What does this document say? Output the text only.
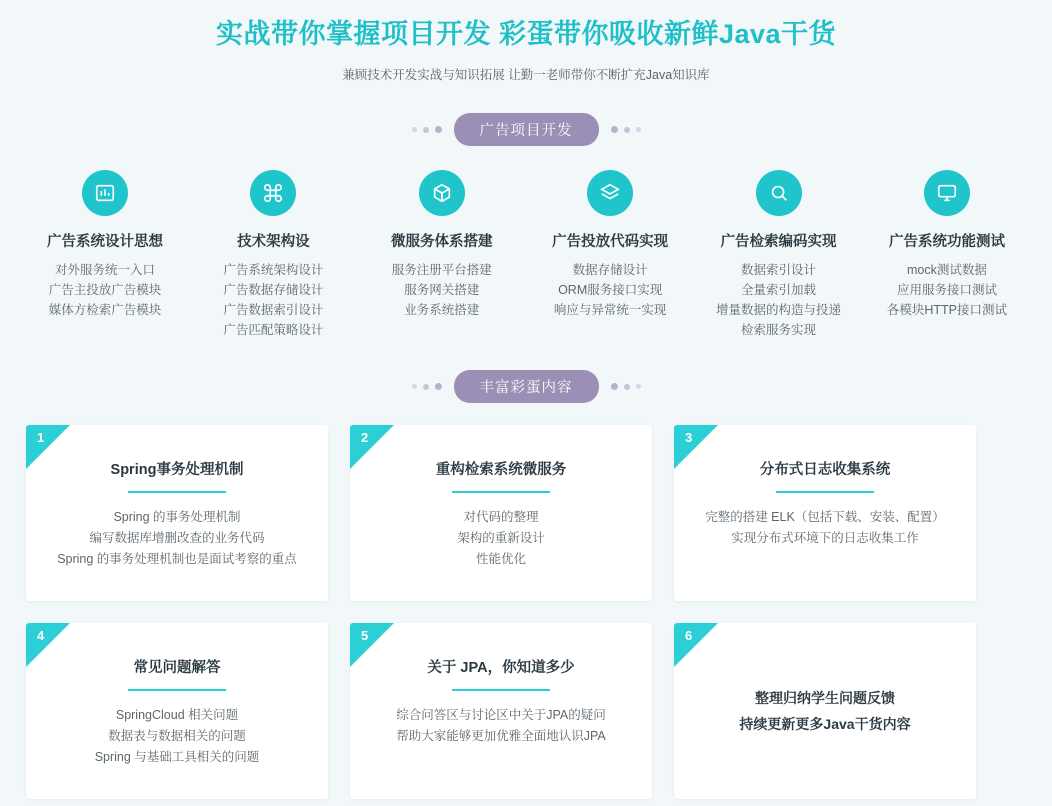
实战带你掌握项目开发 彩蛋带你吸收新鲜Java干货
兼顾技术开发实战与知识拓展 让勤一老师带你不断扩充Java知识库
广告项目开发
广告系统设计思想
对外服务统一入口
广告主投放广告模块
媒体方检索广告模块
技术架构设
广告系统架构设计
广告数据存储设计
广告数据索引设计
广告匹配策略设计
微服务体系搭建
服务注册平台搭建
服务网关搭建
业务系统搭建
广告投放代码实现
数据存储设计
ORM服务接口实现
响应与异常统一实现
广告检索编码实现
数据索引设计
全量索引加载
增量数据的构造与投递
检索服务实现
广告系统功能测试
mock测试数据
应用服务接口测试
各模块HTTP接口测试
丰富彩蛋内容
1
Spring事务处理机制
Spring 的事务处理机制
编写数据库增删改查的业务代码
Spring 的事务处理机制也是面试考察的重点
2
重构检索系统微服务
对代码的整理
架构的重新设计
性能优化
3
分布式日志收集系统
完整的搭建 ELK（包括下载、安装、配置）
实现分布式环境下的日志收集工作
4
常见问题解答
SpringCloud 相关问题
数据表与数据相关的问题
Spring 与基础工具相关的问题
5
关于 JPA，你知道多少
综合问答区与讨论区中关于JPA的疑问
帮助大家能够更加优雅全面地认识JPA
6
整理归纳学生问题反馈
持续更新更多Java干货内容
